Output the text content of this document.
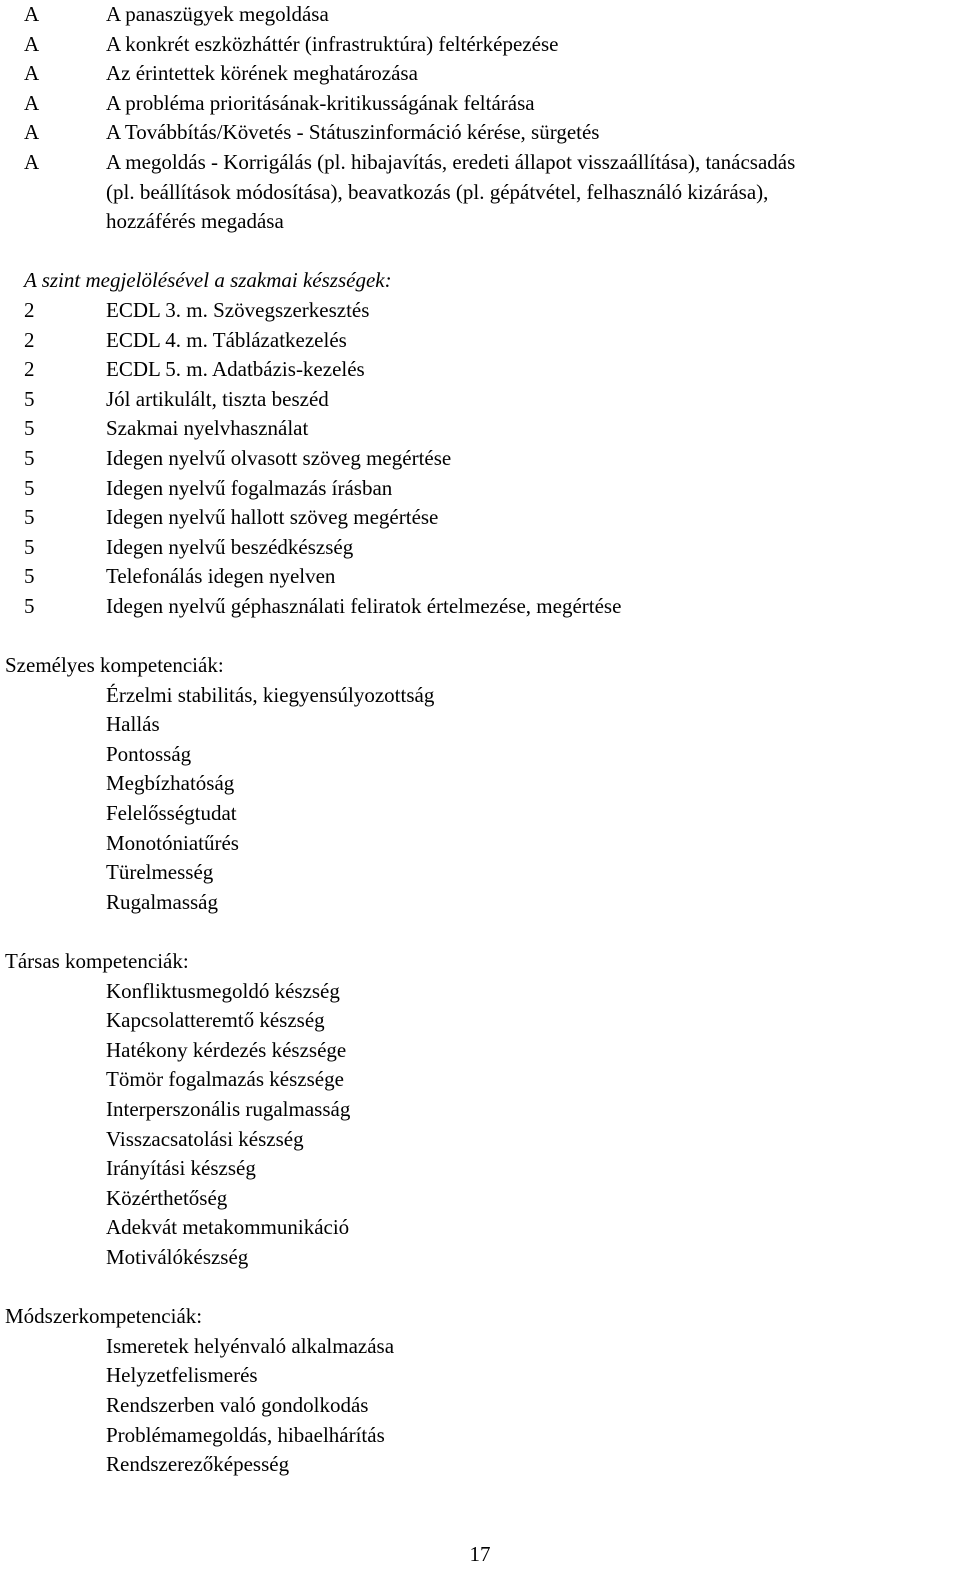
A	A panaszügyek megoldása
A	A konkrét eszközháttér (infrastruktúra) feltérképezése
A	Az érintettek körének meghatározása
A	A probléma prioritásának-kritikusságának feltárása
A	A Továbbítás/Követés - Státuszinformáció kérése, sürgetés
A	A megoldás - Korrigálás (pl. hibajavítás, eredeti állapot visszaállítása), tanácsadás
(pl. beállítások módosítása), beavatkozás (pl. gépátvétel, felhasználó kizárása),
hozzáférés megadása
A szint megjelölésével a szakmai készségek:
2	ECDL 3. m. Szövegszerkesztés
2	ECDL 4. m. Táblázatkezelés
2	ECDL 5. m. Adatbázis-kezelés
5	Jól artikulált, tiszta beszéd
5	Szakmai nyelvhasználat
5	Idegen nyelvű olvasott szöveg megértése
5	Idegen nyelvű fogalmazás írásban
5	Idegen nyelvű hallott szöveg megértése
5	Idegen nyelvű beszédkészség
5	Telefonálás idegen nyelven
5	Idegen nyelvű géphasználati feliratok értelmezése, megértése
Személyes kompetenciák:
Érzelmi stabilitás, kiegyensúlyozottság
Hallás
Pontosság
Megbízhatóság
Felelősségtudat
Monotóniatűrés
Türelmesség
Rugalmasság
Társas kompetenciák:
Konfliktusmegoldó készség
Kapcsolatteremtő készség
Hatékony kérdezés készsége
Tömör fogalmazás készsége
Interperszonális rugalmasság
Visszacsatolási készség
Irányítási készség
Közérthetőség
Adekvát metakommunikáció
Motiválókészség
Módszerkompetenciák:
Ismeretek helyénvaló alkalmazása
Helyzetfelismerés
Rendszerben való gondolkodás
Problémamegoldás, hibaelhárítás
Rendszerezőképesség
17
